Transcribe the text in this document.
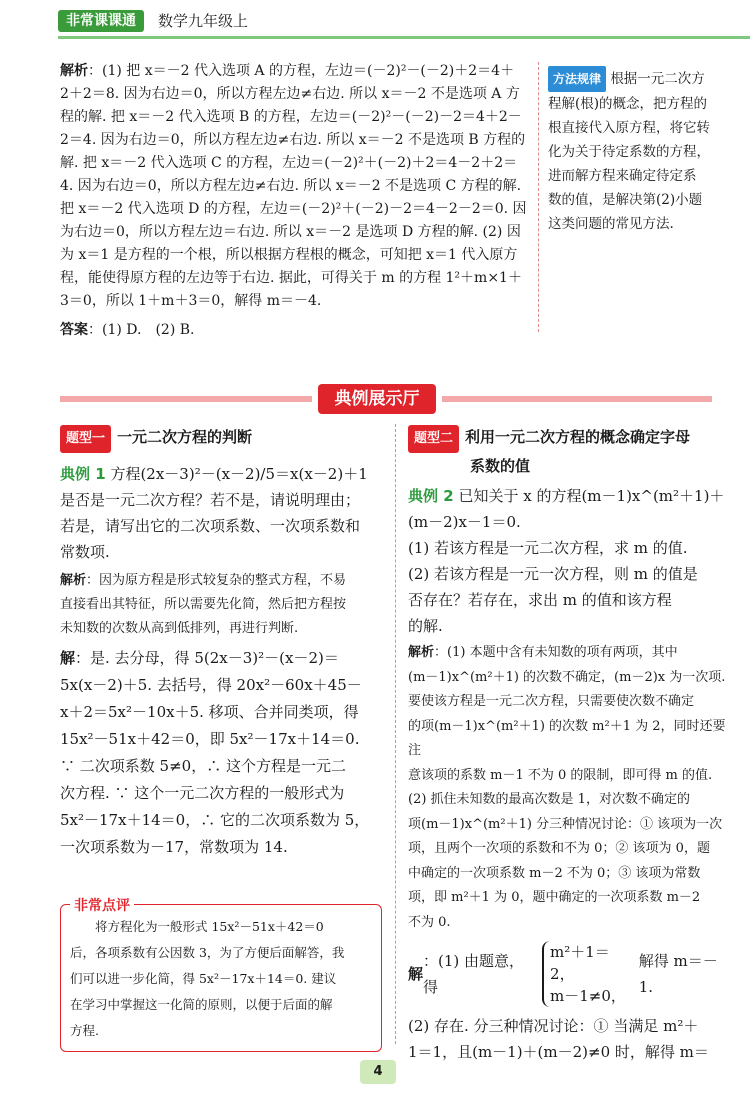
非常课课通	数学九年级上

解析：(1) 把 x＝－2 代入选项 A 的方程，左边＝(－2)²－(－2)＋2＝4＋

2＋2＝8. 因为右边＝0，所以方程左边≠右边. 所以 x＝－2 不是选项 A 方

程的解. 把 x＝－2 代入选项 B 的方程，左边＝(－2)²－(－2)－2＝4＋2－

2＝4. 因为右边＝0，所以方程左边≠右边. 所以 x＝－2 不是选项 B 方程的

解. 把 x＝－2 代入选项 C 的方程，左边＝(－2)²＋(－2)＋2＝4－2＋2＝

4. 因为右边＝0，所以方程左边≠右边. 所以 x＝－2 不是选项 C 方程的解.

把 x＝－2 代入选项 D 的方程，左边＝(－2)²＋(－2)－2＝4－2－2＝0. 因

为右边＝0，所以方程左边＝右边. 所以 x＝－2 是选项 D 方程的解. (2) 因

为 x＝1 是方程的一个根，所以根据方程根的概念，可知把 x＝1 代入原方

程，能使得原方程的左边等于右边. 据此，可得关于 m 的方程 1²＋m×1＋

3＝0，所以 1＋m＋3＝0，解得 m＝－4.

答案：(1) D.　(2) B.

方法规律 根据一元二次方

程解(根)的概念，把方程的

根直接代入原方程，将它转

化为关于待定系数的方程，

进而解方程来确定待定系

数的值，是解决第(2)小题

这类问题的常见方法.

典例展示厅

题型一 一元二次方程的判断

典例 1 方程(2x－3)²－(x－2)/5＝x(x－2)＋1

是否是一元二次方程？若不是，请说明理由；

若是，请写出它的二次项系数、一次项系数和

常数项.

解析：因为原方程是形式较复杂的整式方程，不易

直接看出其特征，所以需要先化简，然后把方程按

未知数的次数从高到低排列，再进行判断.

解：是. 去分母，得 5(2x－3)²－(x－2)＝

5x(x－2)＋5. 去括号，得 20x²－60x＋45－

x＋2＝5x²－10x＋5. 移项、合并同类项，得

15x²－51x＋42＝0，即 5x²－17x＋14＝0.

∵ 二次项系数 5≠0，∴ 这个方程是一元二

次方程. ∵ 这个一元二次方程的一般形式为

5x²－17x＋14＝0，∴ 它的二次项系数为 5，

一次项系数为－17，常数项为 14.

非常点评

将方程化为一般形式 15x²－51x＋42＝0

后，各项系数有公因数 3，为了方便后面解答，我

们可以进一步化简，得 5x²－17x＋14＝0. 建议

在学习中掌握这一化简的原则，以便于后面的解

方程.

题型二 利用一元二次方程的概念确定字母

系数的值

典例 2 已知关于 x 的方程(m－1)x^(m²＋1)＋

(m－2)x－1＝0.

(1) 若该方程是一元二次方程，求 m 的值.

(2) 若该方程是一元一次方程，则 m 的值是

否存在？若存在，求出 m 的值和该方程

的解.

解析：(1) 本题中含有未知数的项有两项，其中

(m－1)x^(m²＋1) 的次数不确定，(m－2)x 为一次项.

要使该方程是一元二次方程，只需要使次数不确定

的项(m－1)x^(m²＋1) 的次数 m²＋1 为 2，同时还要注

意该项的系数 m－1 不为 0 的限制，即可得 m 的值.

(2) 抓住未知数的最高次数是 1，对次数不确定的

项(m－1)x^(m²＋1) 分三种情况讨论：① 该项为一次

项，且两个一次项的系数和不为 0；② 该项为 0，题

中确定的一次项系数 m－2 不为 0；③ 该项为常数

项，即 m²＋1 为 0，题中确定的一次项系数 m－2

不为 0.

解
：(1) 由题意，得
m²＋1＝2，
m－1≠0，
解得 m＝－1.

(2) 存在. 分三种情况讨论：① 当满足 m²＋

1＝1，且(m－1)＋(m－2)≠0 时，解得 m＝

4
